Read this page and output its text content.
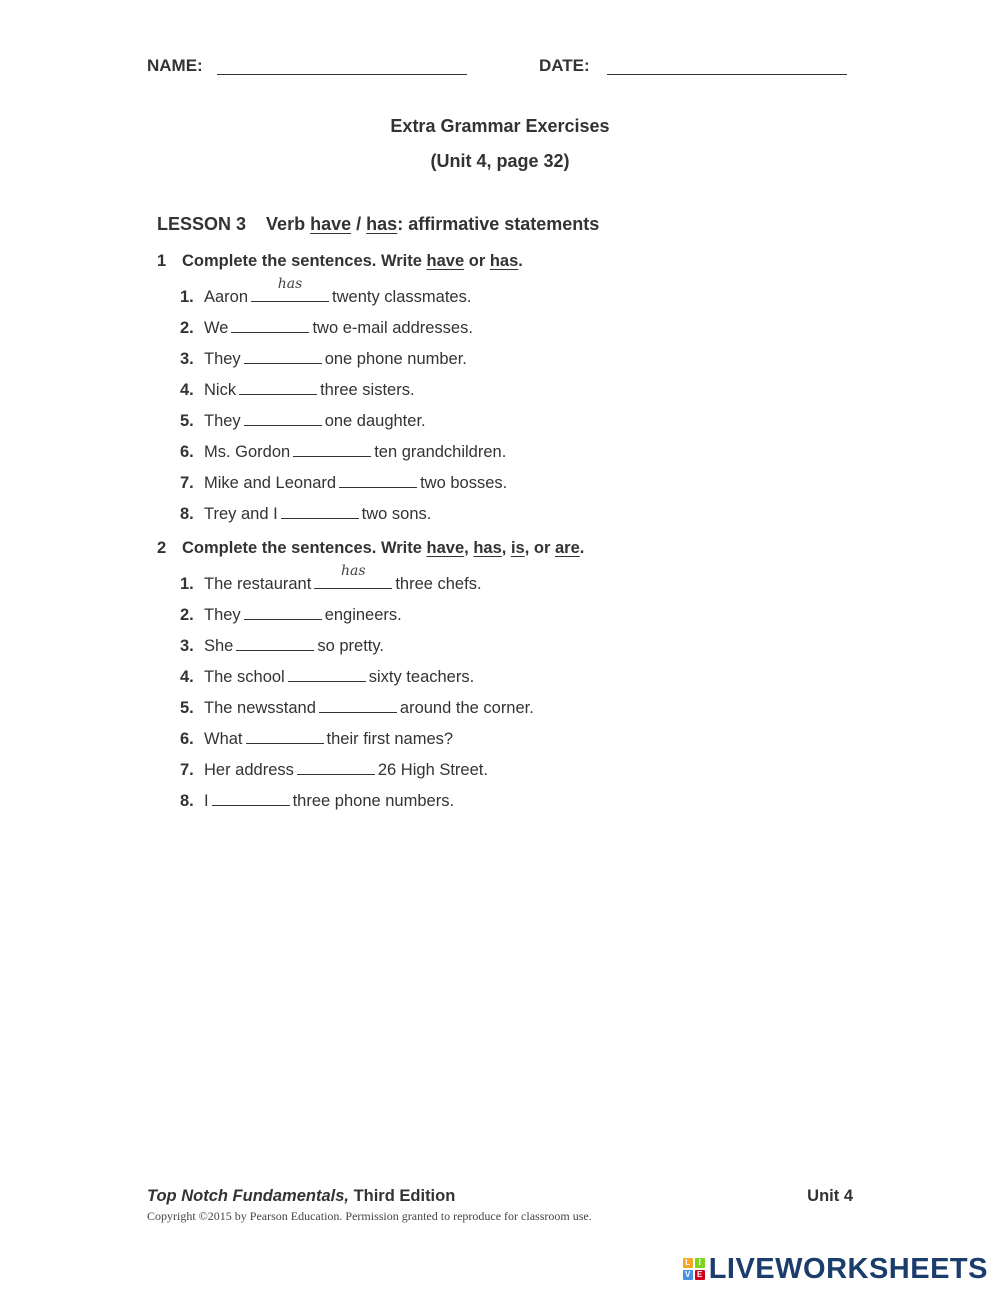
NAME:	DATE:
Extra Grammar Exercises
(Unit 4, page 32)
LESSON 3 Verb have / has: affirmative statements
1 Complete the sentences. Write have or has.
1. Aaron
has
twenty classmates.
2. We	two e-mail addresses.
3. They	one phone number.
4. Nick	three sisters.
5. They	one daughter.
6. Ms. Gordon	ten grandchildren.
7. Mike and Leonard	two bosses.
8. Trey and I	two sons.
2 Complete the sentences. Write have, has, is, or are.
1. The restaurant
has
three chefs.
2. They	engineers.
3. She	so pretty.
4. The school	sixty teachers.
5. The newsstand	around the corner.
6. What	their first names?
7. Her address	26 High Street.
8. I	three phone numbers.
Top Notch Fundamentals, Third Edition	Unit 4
Copyright ©2015 by Pearson Education. Permission granted to reproduce for classroom use.
L	I
V E LIVEWORKSHEETS
